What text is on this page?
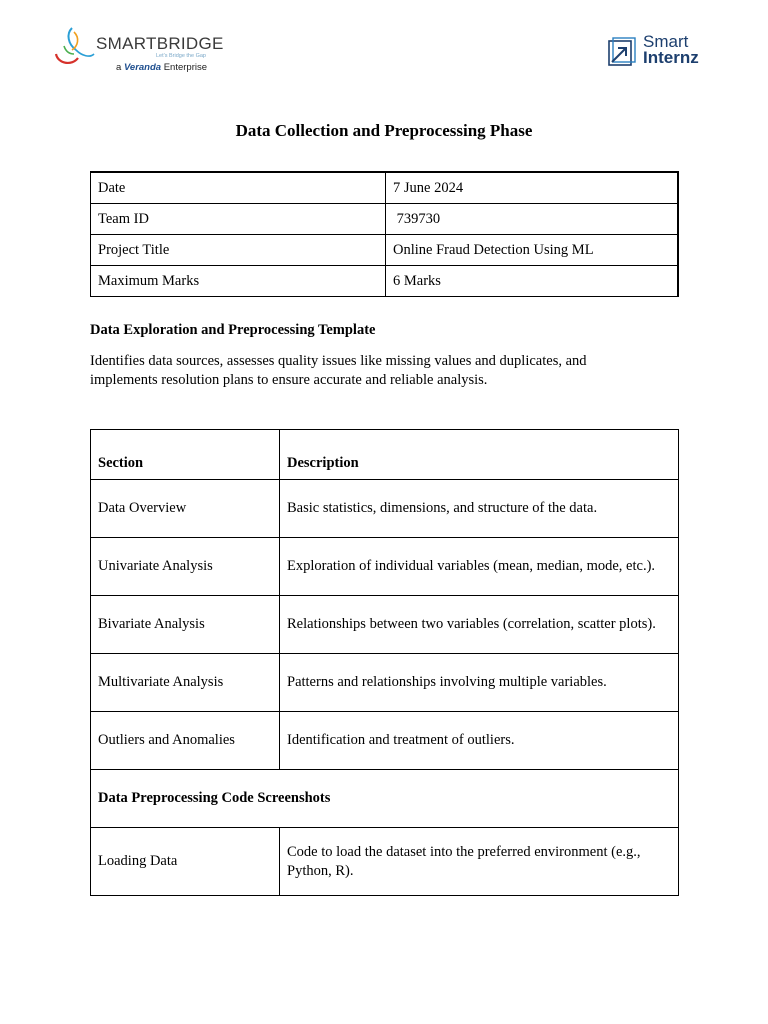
SMARTBRIDGE
Let's Bridge the Gap
a Veranda Enterprise
Smart
Internz
Data Collection and Preprocessing Phase
Date	7 June 2024
Team ID	739730
Project Title	Online Fraud Detection Using ML
Maximum Marks	6 Marks
Data Exploration and Preprocessing Template
Identifies data sources, assesses quality issues like missing values and duplicates, and implements resolution plans to ensure accurate and reliable analysis.
Section	Description
Data Overview	Basic statistics, dimensions, and structure of the data.
Univariate Analysis	Exploration of individual variables (mean, median, mode, etc.).
Bivariate Analysis	Relationships between two variables (correlation, scatter plots).
Multivariate Analysis	Patterns and relationships involving multiple variables.
Outliers and Anomalies	Identification and treatment of outliers.
Data Preprocessing Code Screenshots	
Loading Data	Code to load the dataset into the preferred environment (e.g., Python, R).
